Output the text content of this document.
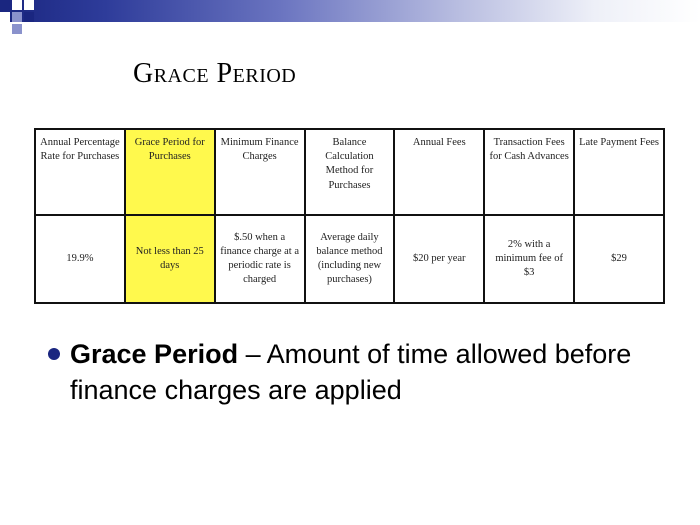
Grace Period
Annual Percentage Rate for Purchases	Grace Period for Purchases	Minimum Finance Charges	Balance Calculation Method for Purchases	Annual Fees	Transaction Fees for Cash Advances	Late Payment Fees
19.9%	Not less than 25 days	$.50 when a finance charge at a periodic rate is charged	Average daily balance method (including new purchases)	$20 per year	2% with a minimum fee of $3	$29
Grace Period – Amount of time allowed before finance charges are applied
